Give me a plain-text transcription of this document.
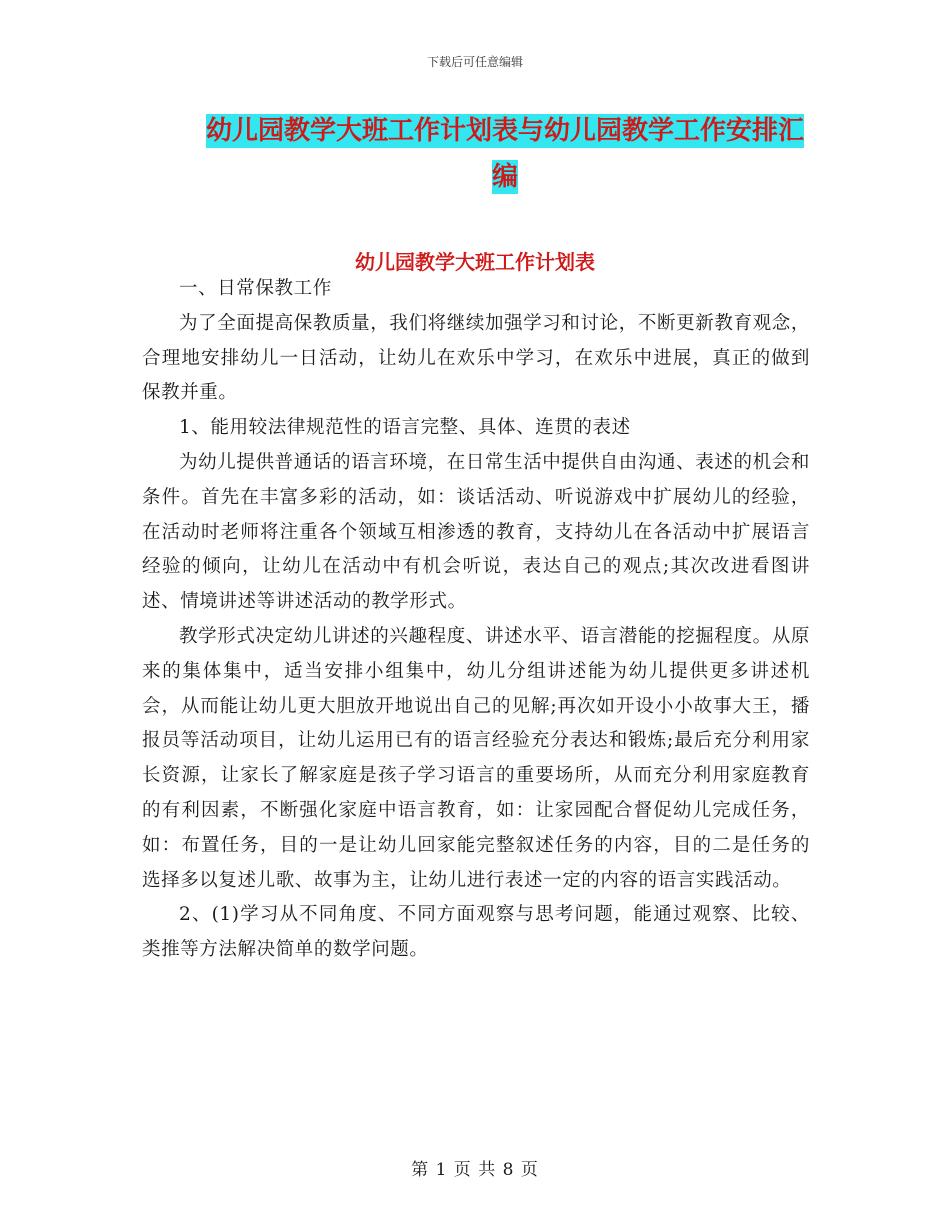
下载后可任意编辑
幼儿园教学大班工作计划表与幼儿园教学工作安排汇编
幼儿园教学大班工作计划表

一、日常保教工作

为了全面提高保教质量，我们将继续加强学习和讨论，不断更新教育观念，合理地安排幼儿一日活动，让幼儿在欢乐中学习，在欢乐中进展，真正的做到保教并重。

1、能用较法律规范性的语言完整、具体、连贯的表述

为幼儿提供普通话的语言环境，在日常生活中提供自由沟通、表述的机会和条件。首先在丰富多彩的活动，如：谈话活动、听说游戏中扩展幼儿的经验，在活动时老师将注重各个领域互相渗透的教育，支持幼儿在各活动中扩展语言经验的倾向，让幼儿在活动中有机会听说，表达自己的观点;其次改进看图讲述、情境讲述等讲述活动的教学形式。

教学形式决定幼儿讲述的兴趣程度、讲述水平、语言潜能的挖掘程度。从原来的集体集中，适当安排小组集中，幼儿分组讲述能为幼儿提供更多讲述机会，从而能让幼儿更大胆放开地说出自己的见解;再次如开设小小故事大王，播报员等活动项目，让幼儿运用已有的语言经验充分表达和锻炼;最后充分利用家长资源，让家长了解家庭是孩子学习语言的重要场所，从而充分利用家庭教育的有利因素，不断强化家庭中语言教育，如：让家园配合督促幼儿完成任务，如：布置任务，目的一是让幼儿回家能完整叙述任务的内容，目的二是任务的选择多以复述儿歌、故事为主，让幼儿进行表述一定的内容的语言实践活动。

2、(1)学习从不同角度、不同方面观察与思考问题，能通过观察、比较、类推等方法解决简单的数学问题。

第 1 页 共 8 页
